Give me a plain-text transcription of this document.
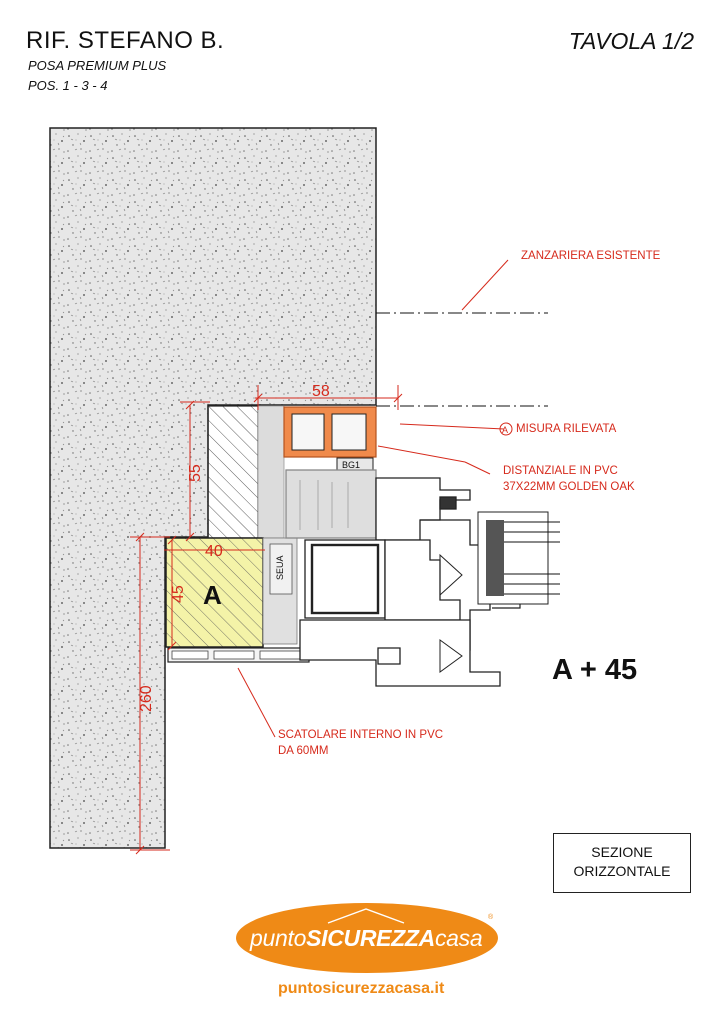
RIF. STEFANO B.
POSA PREMIUM PLUS
POS. 1 - 3 - 4
TAVOLA 1/2
58
55
40
45
260
A
BG1
SEUA
A
ZANZARIERA ESISTENTE
MISURA RILEVATA
DISTANZIALE IN PVC
37X22MM GOLDEN OAK
SCATOLARE INTERNO IN PVC
DA 60MM
A + 45
SEZIONE
ORIZZONTALE
puntoSICUREZZAcasa
®
puntosicurezzacasa.it
